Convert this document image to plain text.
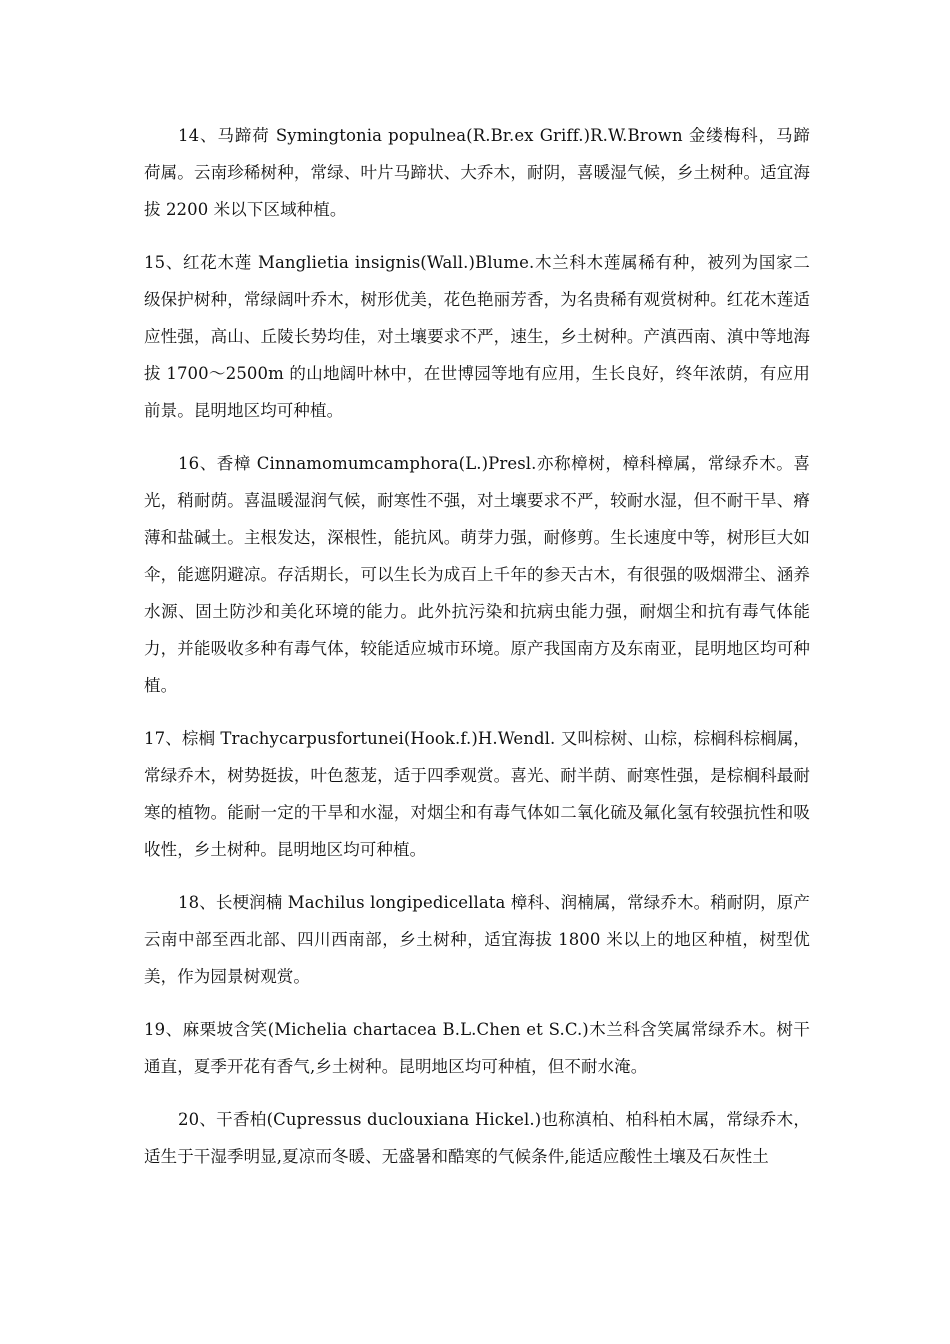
14、马蹄荷 Symingtonia populnea(R.Br.ex Griff.)R.W.Brown 金缕梅科，马蹄荷属。云南珍稀树种，常绿、叶片马蹄状、大乔木，耐阴，喜暖湿气候，乡土树种。适宜海拔 2200 米以下区域种植。

15、红花木莲 Manglietia insignis(Wall.)Blume.木兰科木莲属稀有种，被列为国家二级保护树种，常绿阔叶乔木，树形优美，花色艳丽芳香，为名贵稀有观赏树种。红花木莲适应性强，高山、丘陵长势均佳，对土壤要求不严，速生，乡土树种。产滇西南、滇中等地海拔 1700～2500m 的山地阔叶林中，在世博园等地有应用，生长良好，终年浓荫，有应用前景。昆明地区均可种植。

16、香樟 Cinnamomumcamphora(L.)Presl.亦称樟树，樟科樟属，常绿乔木。喜光，稍耐荫。喜温暖湿润气候，耐寒性不强，对土壤要求不严，较耐水湿，但不耐干旱、瘠薄和盐碱土。主根发达，深根性，能抗风。萌芽力强，耐修剪。生长速度中等，树形巨大如伞，能遮阴避凉。存活期长，可以生长为成百上千年的参天古木，有很强的吸烟滞尘、涵养水源、固土防沙和美化环境的能力。此外抗污染和抗病虫能力强，耐烟尘和抗有毒气体能力，并能吸收多种有毒气体，较能适应城市环境。原产我国南方及东南亚，昆明地区均可种植。

17、棕榈 Trachycarpusfortunei(Hook.f.)H.Wendl. 又叫棕树、山棕，棕榈科棕榈属，常绿乔木，树势挺拔，叶色葱茏，适于四季观赏。喜光、耐半荫、耐寒性强，是棕榈科最耐寒的植物。能耐一定的干旱和水湿，对烟尘和有毒气体如二氧化硫及氟化氢有较强抗性和吸收性，乡土树种。昆明地区均可种植。

18、长梗润楠 Machilus longipedicellata 樟科、润楠属，常绿乔木。稍耐阴，原产云南中部至西北部、四川西南部，乡土树种，适宜海拔 1800 米以上的地区种植，树型优美，作为园景树观赏。

19、麻栗坡含笑(Michelia chartacea B.L.Chen et S.C.)木兰科含笑属常绿乔木。树干通直，夏季开花有香气,乡土树种。昆明地区均可种植，但不耐水淹。

20、干香柏(Cupressus duclouxiana Hickel.)也称滇柏、柏科柏木属，常绿乔木，适生于干湿季明显,夏凉而冬暖、无盛暑和酷寒的气候条件,能适应酸性土壤及石灰性土
